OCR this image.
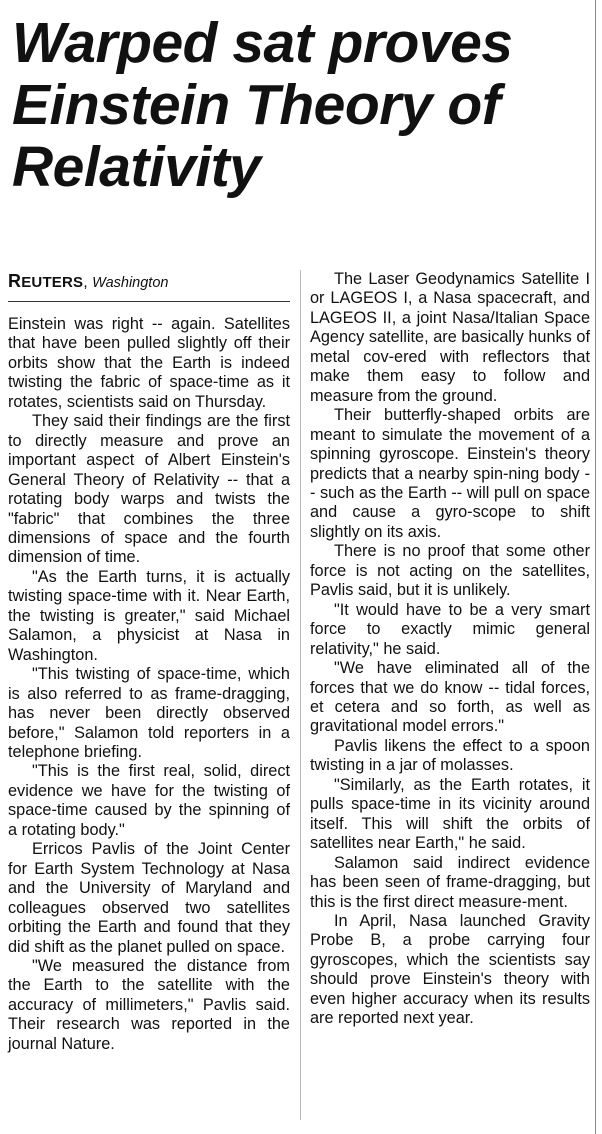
Warped sat proves Einstein Theory of Relativity
REUTERS, Washington

Einstein was right -- again. Satellites that have been pulled slightly off their orbits show that the Earth is indeed twisting the fabric of space-time as it rotates, scientists said on Thursday.

They said their findings are the first to directly measure and prove an important aspect of Albert Einstein's General Theory of Relativity -- that a rotating body warps and twists the "fabric" that combines the three dimensions of space and the fourth dimension of time.

"As the Earth turns, it is actually twisting space-time with it. Near Earth, the twisting is greater," said Michael Salamon, a physicist at Nasa in Washington.

"This twisting of space-time, which is also referred to as frame-dragging, has never been directly observed before," Salamon told reporters in a telephone briefing.

"This is the first real, solid, direct evidence we have for the twisting of space-time caused by the spinning of a rotating body."

Erricos Pavlis of the Joint Center for Earth System Technology at Nasa and the University of Maryland and colleagues observed two satellites orbiting the Earth and found that they did shift as the planet pulled on space.

"We measured the distance from the Earth to the satellite with the accuracy of millimeters," Pavlis said. Their research was reported in the journal Nature.

The Laser Geodynamics Satellite I or LAGEOS I, a Nasa spacecraft, and LAGEOS II, a joint Nasa/Italian Space Agency satellite, are basically hunks of metal cov-ered with reflectors that make them easy to follow and measure from the ground.

Their butterfly-shaped orbits are meant to simulate the movement of a spinning gyroscope. Einstein's theory predicts that a nearby spin-ning body -- such as the Earth -- will pull on space and cause a gyro-scope to shift slightly on its axis.

There is no proof that some other force is not acting on the satellites, Pavlis said, but it is unlikely.

"It would have to be a very smart force to exactly mimic general relativity," he said.

"We have eliminated all of the forces that we do know -- tidal forces, et cetera and so forth, as well as gravitational model errors."

Pavlis likens the effect to a spoon twisting in a jar of molasses.

"Similarly, as the Earth rotates, it pulls space-time in its vicinity around itself. This will shift the orbits of satellites near Earth," he said.

Salamon said indirect evidence has been seen of frame-dragging, but this is the first direct measure-ment.

In April, Nasa launched Gravity Probe B, a probe carrying four gyroscopes, which the scientists say should prove Einstein's theory with even higher accuracy when its results are reported next year.
